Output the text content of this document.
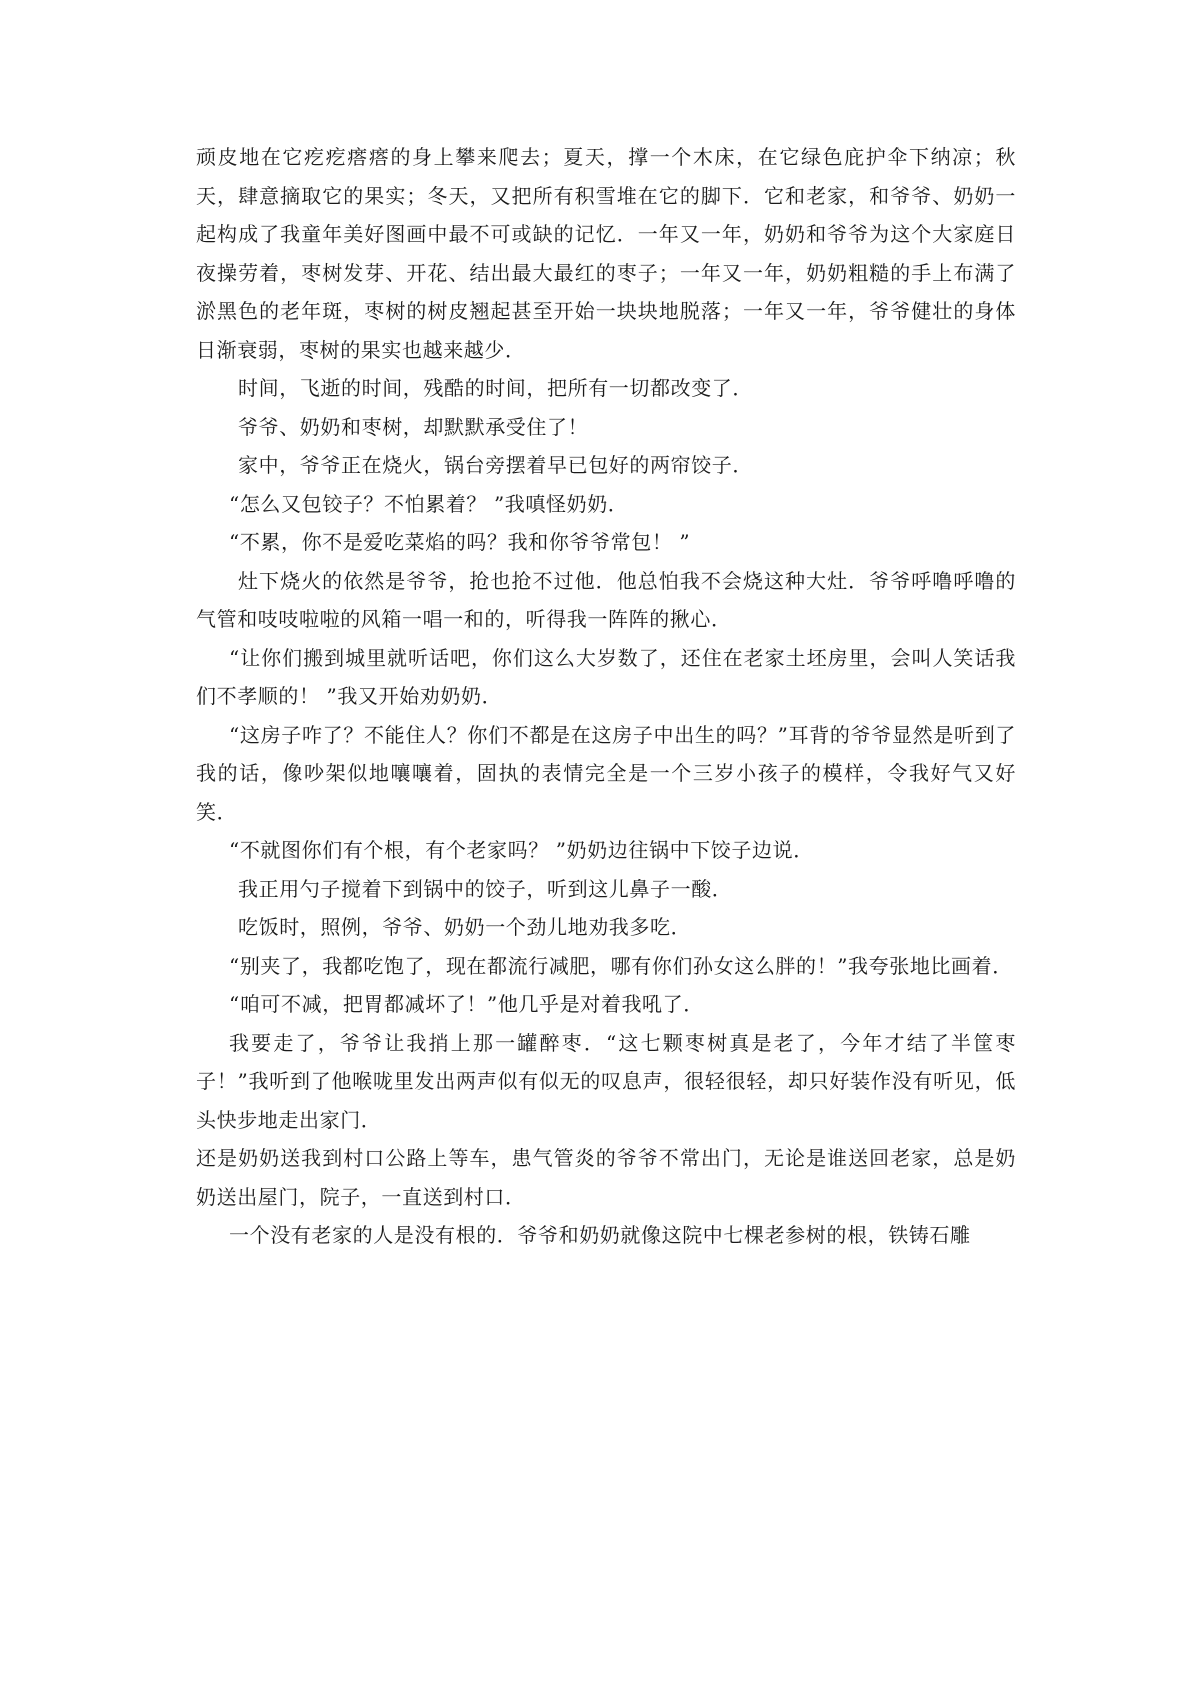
顽皮地在它疙疙瘩瘩的身上攀来爬去；夏天，撑一个木床，在它绿色庇护伞下纳凉；秋天，肆意摘取它的果实；冬天，又把所有积雪堆在它的脚下．它和老家，和爷爷、奶奶一起构成了我童年美好图画中最不可或缺的记忆．一年又一年，奶奶和爷爷为这个大家庭日夜操劳着，枣树发芽、开花、结出最大最红的枣子；一年又一年，奶奶粗糙的手上布满了淤黑色的老年斑，枣树的树皮翘起甚至开始一块块地脱落；一年又一年，爷爷健壮的身体日渐衰弱，枣树的果实也越来越少．

时间，飞逝的时间，残酷的时间，把所有一切都改变了．

爷爷、奶奶和枣树，却默默承受住了！

家中，爷爷正在烧火，锅台旁摆着早已包好的两帘饺子．

“怎么又包铰子？不怕累着？ ”我嗔怪奶奶．

“不累，你不是爱吃菜焰的吗？我和你爷爷常包！ ”

灶下烧火的依然是爷爷，抢也抢不过他．他总怕我不会烧这种大灶．爷爷呼噜呼噜的气管和吱吱啦啦的风箱一唱一和的，听得我一阵阵的揪心．

“让你们搬到城里就听话吧，你们这么大岁数了，还住在老家土坯房里，会叫人笑话我们不孝顺的！ ”我又开始劝奶奶．

“这房子咋了？不能住人？你们不都是在这房子中出生的吗？”耳背的爷爷显然是听到了我的话，像吵架似地嚷嚷着，固执的表情完全是一个三岁小孩子的模样，令我好气又好笑．

“不就图你们有个根，有个老家吗？ ”奶奶边往锅中下饺子边说．

我正用勺子搅着下到锅中的饺子，听到这儿鼻子一酸．

吃饭时，照例，爷爷、奶奶一个劲儿地劝我多吃．

“别夹了，我都吃饱了，现在都流行减肥，哪有你们孙女这么胖的！”我夸张地比画着．

“咱可不减，把胃都减坏了！”他几乎是对着我吼了．

我要走了，爷爷让我捎上那一罐醉枣．“这七颗枣树真是老了，今年才结了半筐枣子！”我听到了他喉咙里发出两声似有似无的叹息声，很轻很轻，却只好装作没有听见，低头快步地走出家门．

还是奶奶送我到村口公路上等车，患气管炎的爷爷不常出门，无论是谁送回老家，总是奶奶送出屋门，院子，一直送到村口．

一个没有老家的人是没有根的．爷爷和奶奶就像这院中七棵老参树的根，铁铸石雕
